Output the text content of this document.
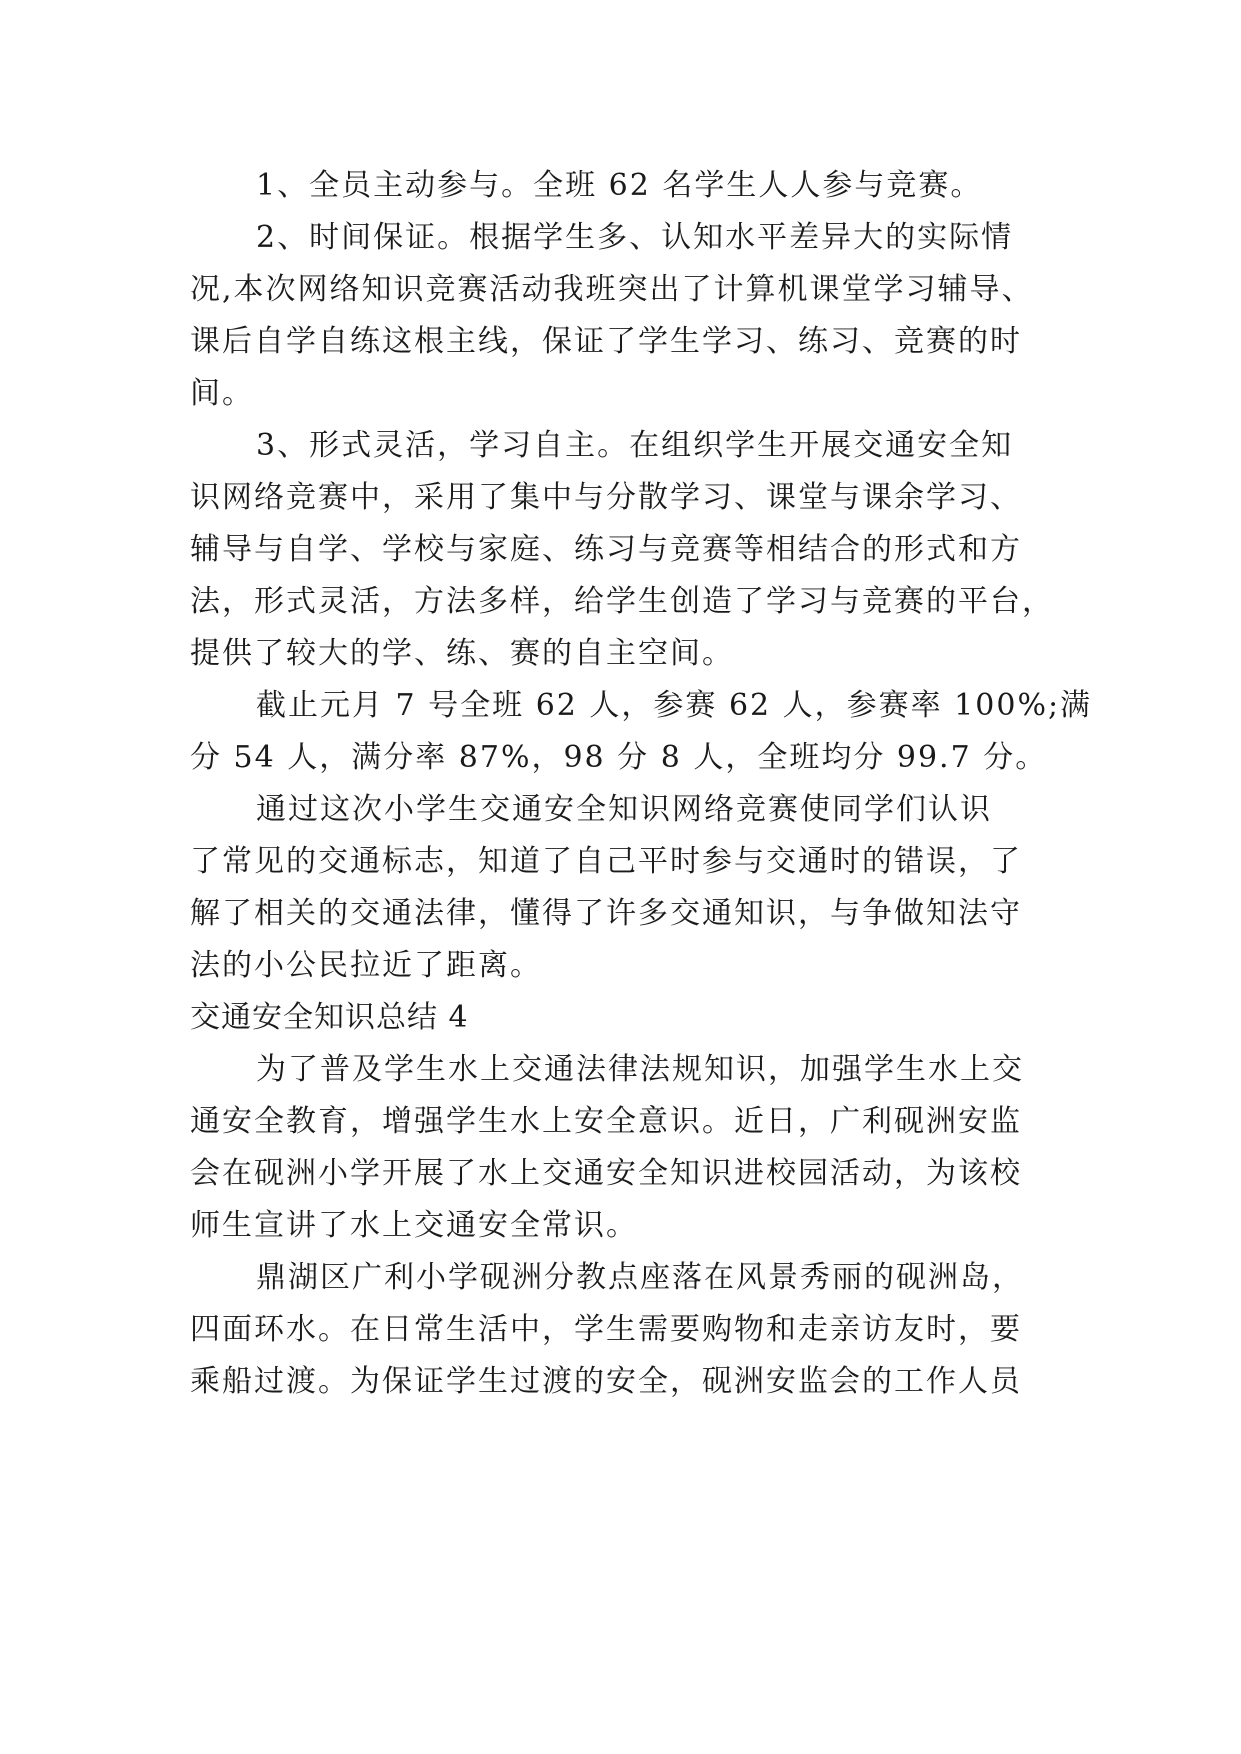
1、全员主动参与。全班 62 名学生人人参与竞赛。

2、时间保证。根据学生多、认知水平差异大的实际情

况,本次网络知识竞赛活动我班突出了计算机课堂学习辅导、

课后自学自练这根主线，保证了学生学习、练习、竞赛的时

间。

3、形式灵活，学习自主。在组织学生开展交通安全知

识网络竞赛中，采用了集中与分散学习、课堂与课余学习、

辅导与自学、学校与家庭、练习与竞赛等相结合的形式和方

法，形式灵活，方法多样，给学生创造了学习与竞赛的平台，

提供了较大的学、练、赛的自主空间。

截止元月 7 号全班 62 人，参赛 62 人，参赛率 100%;满

分 54 人，满分率 87%，98 分 8 人，全班均分 99.7 分。

通过这次小学生交通安全知识网络竞赛使同学们认识

了常见的交通标志，知道了自己平时参与交通时的错误，了

解了相关的交通法律，懂得了许多交通知识，与争做知法守

法的小公民拉近了距离。

交通安全知识总结 4

为了普及学生水上交通法律法规知识，加强学生水上交

通安全教育，增强学生水上安全意识。近日，广利砚洲安监

会在砚洲小学开展了水上交通安全知识进校园活动，为该校

师生宣讲了水上交通安全常识。

鼎湖区广利小学砚洲分教点座落在风景秀丽的砚洲岛，

四面环水。在日常生活中，学生需要购物和走亲访友时，要

乘船过渡。为保证学生过渡的安全，砚洲安监会的工作人员
